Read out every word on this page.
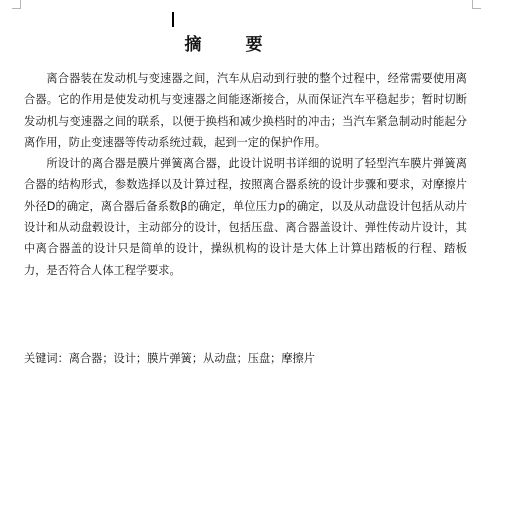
摘 要

离合器装在发动机与变速器之间，汽车从启动到行驶的整个过程中，经常需要使用离合器。它的作用是使发动机与变速器之间能逐渐接合，从而保证汽车平稳起步；暂时切断发动机与变速器之间的联系，以便于换档和减少换档时的冲击；当汽车紧急制动时能起分离作用，防止变速器等传动系统过载，起到一定的保护作用。

所设计的离合器是膜片弹簧离合器，此设计说明书详细的说明了轻型汽车膜片弹簧离合器的结构形式，参数选择以及计算过程，按照离合器系统的设计步骤和要求，对摩擦片外径D的确定，离合器后备系数β的确定，单位压力p的确定，以及从动盘设计包括从动片设计和从动盘毂设计，主动部分的设计，包括压盘、离合器盖设计、弹性传动片设计，其中离合器盖的设计只是简单的设计，操纵机构的设计是大体上计算出踏板的行程、踏板力，是否符合人体工程学要求。

关键词：离合器；设计；膜片弹簧；从动盘；压盘；摩擦片
